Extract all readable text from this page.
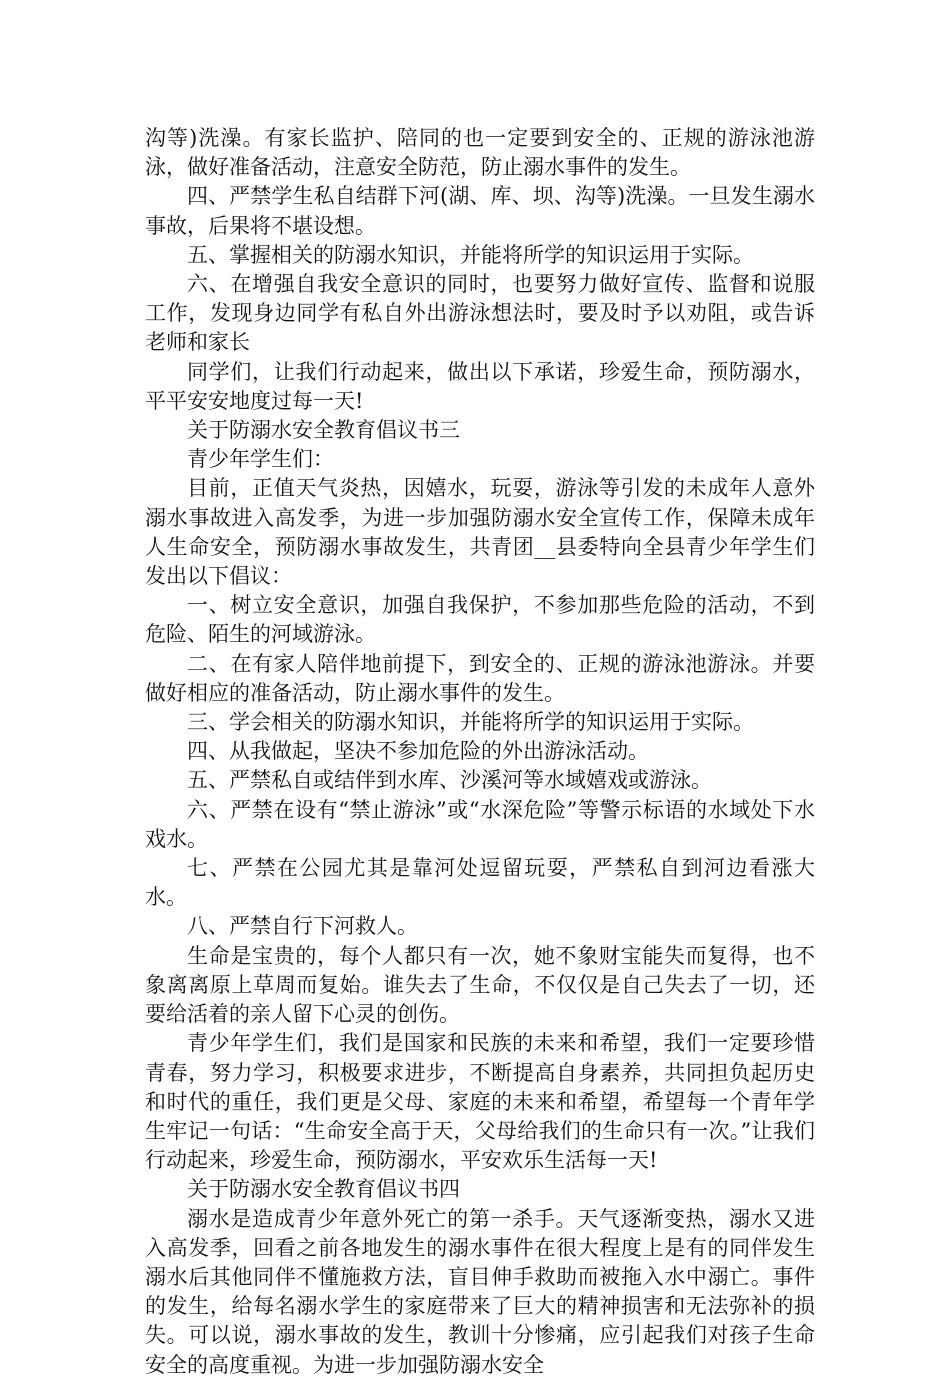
沟等)洗澡。有家长监护、陪同的也一定要到安全的、正规的游泳池游泳，做好准备活动，注意安全防范，防止溺水事件的发生。

四、严禁学生私自结群下河(湖、库、坝、沟等)洗澡。一旦发生溺水事故，后果将不堪设想。

五、掌握相关的防溺水知识，并能将所学的知识运用于实际。

六、在增强自我安全意识的同时，也要努力做好宣传、监督和说服工作，发现身边同学有私自外出游泳想法时，要及时予以劝阻，或告诉老师和家长

同学们，让我们行动起来，做出以下承诺，珍爱生命，预防溺水，平平安安地度过每一天!

关于防溺水安全教育倡议书三

青少年学生们：

目前，正值天气炎热，因嬉水，玩耍，游泳等引发的未成年人意外溺水事故进入高发季，为进一步加强防溺水安全宣传工作，保障未成年人生命安全，预防溺水事故发生，共青团__县委特向全县青少年学生们发出以下倡议：

一、树立安全意识，加强自我保护，不参加那些危险的活动，不到危险、陌生的河域游泳。

二、在有家人陪伴地前提下，到安全的、正规的游泳池游泳。并要做好相应的准备活动，防止溺水事件的发生。

三、学会相关的防溺水知识，并能将所学的知识运用于实际。

四、从我做起，坚决不参加危险的外出游泳活动。

五、严禁私自或结伴到水库、沙溪河等水域嬉戏或游泳。

六、严禁在设有“禁止游泳”或“水深危险”等警示标语的水域处下水戏水。

七、严禁在公园尤其是靠河处逗留玩耍，严禁私自到河边看涨大水。

八、严禁自行下河救人。

生命是宝贵的，每个人都只有一次，她不象财宝能失而复得，也不象离离原上草周而复始。谁失去了生命，不仅仅是自己失去了一切，还要给活着的亲人留下心灵的创伤。

青少年学生们，我们是国家和民族的未来和希望，我们一定要珍惜青春，努力学习，积极要求进步，不断提高自身素养，共同担负起历史和时代的重任，我们更是父母、家庭的未来和希望，希望每一个青年学生牢记一句话：“生命安全高于天，父母给我们的生命只有一次。”让我们行动起来，珍爱生命，预防溺水，平安欢乐生活每一天!

关于防溺水安全教育倡议书四

溺水是造成青少年意外死亡的第一杀手。天气逐渐变热，溺水又进入高发季，回看之前各地发生的溺水事件在很大程度上是有的同伴发生溺水后其他同伴不懂施救方法，盲目伸手救助而被拖入水中溺亡。事件的发生，给每名溺水学生的家庭带来了巨大的精神损害和无法弥补的损失。可以说，溺水事故的发生，教训十分惨痛，应引起我们对孩子生命安全的高度重视。为进一步加强防溺水安全
